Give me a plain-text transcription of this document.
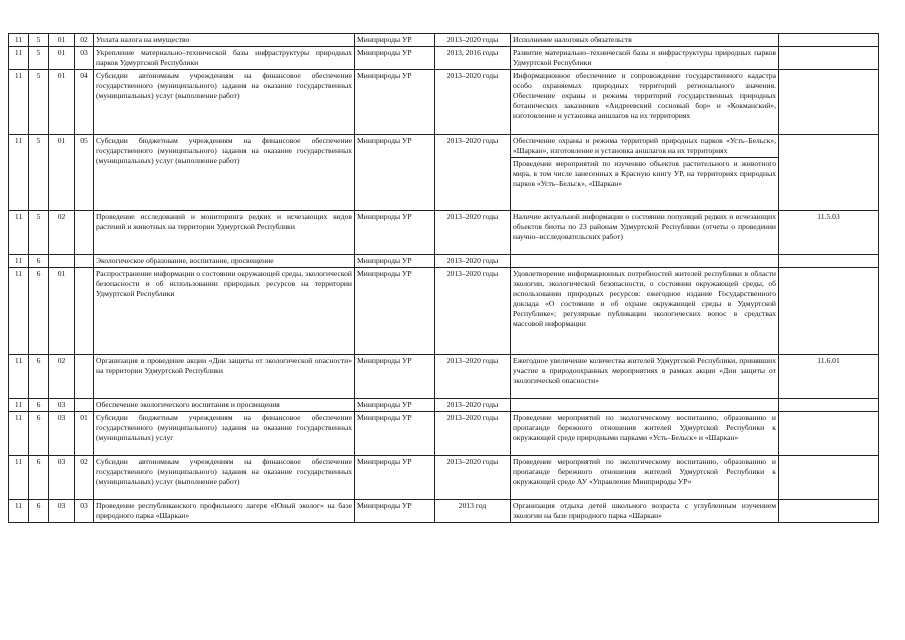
11	5	01	02	Уплата налога на имущество	Минприроды УР	2013–2020 годы	Исполнение налоговых обязательств	

11	5	01	03	Укрепление материально–технической базы инфраструктуры природных парков Удмуртской Республики	Минприроды УР	2013, 2016 годы	Развитие материально–технической базы и инфраструктуры природных парков Удмуртской Республики	

11	5	01	04	Субсидии автономным учреждениям на финансовое обеспечение государственного (муниципального) задания на оказание государственных (муниципальных) услуг (выполнение работ)	Минприроды УР	2013–2020 годы	Информационное обеспечение и сопровождение государственного кадастра особо охраняемых природных территорий регионального значения. Обеспечение охраны и режима территорий государственных природных ботанических заказников «Андреевский сосновый бор» и «Кокманский», изготовление и установка аншлагов на их территориях	

11	5	01	05	Субсидии бюджетным учреждениям на финансовое обеспечение государственного (муниципального) задания на оказание государственных (муниципальных) услуг (выполнение работ)	Минприроды УР	2013–2020 годы	Обеспечение охраны и режима территорий природных парков «Усть–Бельск», «Шаркан», изготовление и установка аншлагов на их территориях
Проведение мероприятий по изучению объектов растительного и животного мира, в том числе занесенных в Красную книгу УР, на территориях природных парков «Усть–Бельск», «Шаркан»	

11	5	02		Проведение исследований и мониторинга редких и исчезающих видов растений и животных на территории Удмуртской Республики	Минприроды УР	2013–2020 годы	Наличие актуальной информации о состоянии популяций редких и исчезающих объектов биоты по 23 районам Удмуртской Республики (отчеты о проведении научно–исследовательских работ)	11.5.03
11	6			Экологическое образование, воспитание, просвещение	Минприроды УР	2013–2020 годы	

11	6	01		Распространение информации о состоянии окружающей среды, экологической безопасности и об использовании природных ресурсов на территории Удмуртской Республики	Минприроды УР	2013–2020 годы	Удовлетворение информационных потребностей жителей республики в области экологии, экологической безопасности, о состоянии окружающей среды, об использовании природных ресурсов: ежегодное издание Государственного доклада «О состоянии и об охране окружающей среды в Удмуртской Республике»; регулярные публикации экологических вопос в средствах массовой информации	

11	6	02		Организация и проведение акции «Дни защиты от экологической опасности» на территории Удмуртской Республики	Минприроды УР	2013–2020 годы	Ежегодное увеличение количества жителей Удмуртской Республики, принявших участие в природоохранных мероприятиях в рамках акции «Дни защиты от экологической опасности»	11.6.01
11	6	03		Обеспечение экологического воспитания и просвещения	Минприроды УР	2013–2020 годы	

11	6	03	01	Субсидии бюджетным учреждениям на финансовое обеспечение государственного (муниципального) задания на оказание государственных (муниципальных) услуг	Минприроды УР	2013–2020 годы	Проведение мероприятий по экологическому воспитанию, образованию и пропаганде бережного отношения жителей Удмуртской Республики к окружающей среде природными парками «Усть–Бельск» и «Шаркан»	

11	6	03	02	Субсидии автономным учреждениям на финансовое обеспечение государственного (муниципального) задания на оказание государственных (муниципальных) услуг (выполнение работ)	Минприроды УР	2013–2020 годы	Проведение мероприятий по экологическому воспитанию, образованию и пропаганде бережного отношения жителей Удмуртской Республики к окружающей среде АУ «Управление Минприроды УР»	

11	6	03	03	Проведение республиканского профильного лагеря «Юный эколог» на базе природного парка «Шаркан»	Минприроды УР	2013 год	Организация отдыха детей школьного возраста с углубленным изучением экологии на базе природного парка «Шаркан»	
